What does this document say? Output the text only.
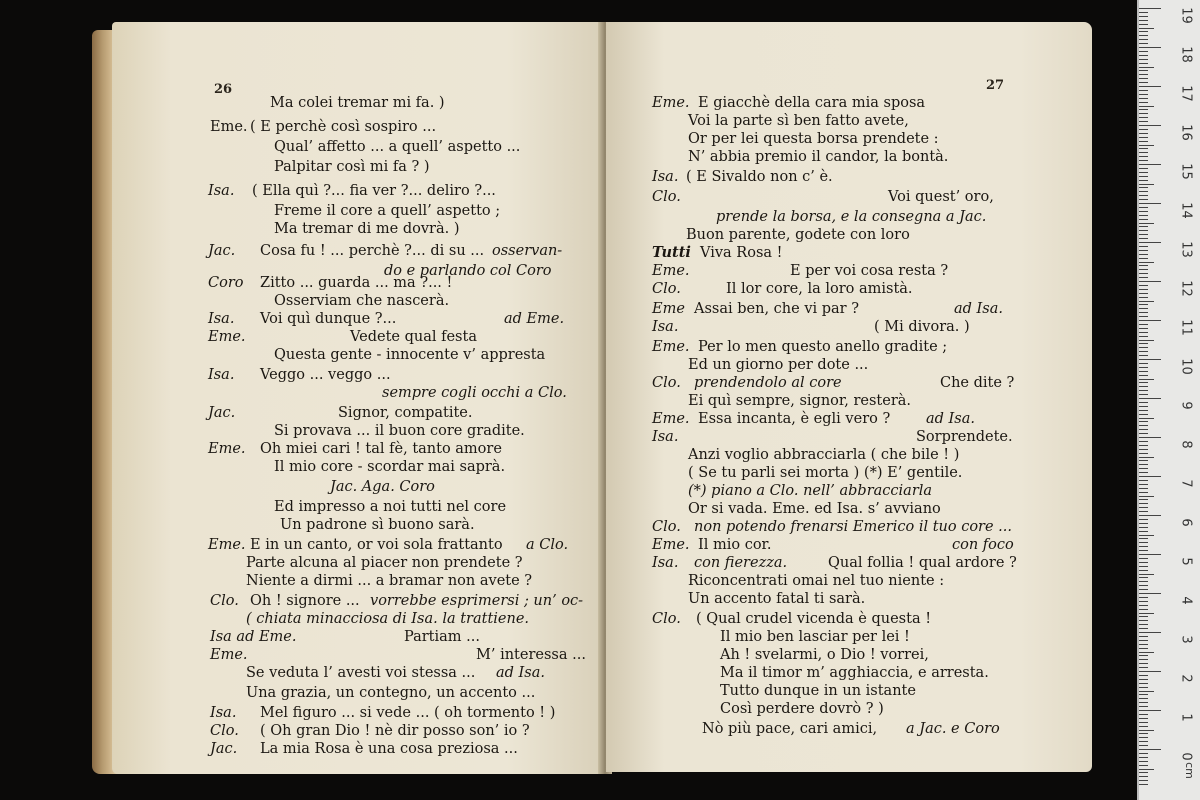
26
Ma colei tremar mi fa. )
Eme. ( E perchè così sospiro ...
Qual’ affetto ... a quell’ aspetto ...
Palpitar così mi fa ? )
Isa. ( Ella quì ?... fia ver ?... deliro ?...
Freme il core a quell’ aspetto ;
Ma tremar di me dovrà. )
Jac. Cosa fu ! ... perchè ?... di su ... osservan-
do e parlando col Coro
Coro Zitto ... guarda ... ma ?... !
Osserviam che nascerà.
Isa. Voi quì dunque ?...	ad Eme.
Eme.	Vedete qual festa
Questa gente - innocente v’ appresta
Isa. Veggo ... veggo ...
sempre cogli occhi a Clo.
Jac.	Signor, compatite.
Si provava ... il buon core gradite.
Eme. Oh miei cari ! tal fè, tanto amore
Il mio core - scordar mai saprà.
Jac. Aga. Coro
Ed impresso a noi tutti nel core
Un padrone sì buono sarà.
Eme. E in un canto, or voi sola frattanto a Clo.
Parte alcuna al piacer non prendete ?
Niente a dirmi ... a bramar non avete ?
Clo. Oh ! signore ... vorrebbe esprimersi ; un’ oc-
( chiata minacciosa di Isa. la trattiene.
Isa ad Eme.	Partiam ...
Eme.	M’ interessa ...
Se veduta l’ avesti voi stessa ... ad Isa.
Una grazia, un contegno, un accento ...
Isa. Mel figuro ... si vede ... ( oh tormento ! )
Clo. ( Oh gran Dio ! nè dir posso son’ io ?
Jac. La mia Rosa è una cosa preziosa ...
27
Eme. E giacchè della cara mia sposa
Voi la parte sì ben fatto avete,
Or per lei questa borsa prendete :
N’ abbia premio il candor, la bontà.
Isa. ( E Sivaldo non c’ è.
Clo.	Voi quest’ oro,
prende la borsa, e la consegna a Jac.
Buon parente, godete con loro
Tutti Viva Rosa !
Eme.	E per voi cosa resta ?
Clo.	Il lor core, la loro amistà.
Eme Assai ben, che vi par ?	ad Isa.
Isa.	( Mi divora. )
Eme. Per lo men questo anello gradite ;
Ed un giorno per dote ...
Clo. prendendolo al core	Che dite ?
Ei quì sempre, signor, resterà.
Eme. Essa incanta, è egli vero ? ad Isa.
Isa.	Sorprendete.
Anzi voglio abbracciarla ( che bile ! )
( Se tu parli sei morta ) (*) E’ gentile.
(*) piano a Clo. nell’ abbracciarla
Or si vada. Eme. ed Isa. s’ avviano
Clo. non potendo frenarsi Emerico il tuo core ...
Eme. Il mio cor.	con foco
Isa. con fierezza.	Qual follia ! qual ardore ?
Riconcentrati omai nel tuo niente :
Un accento fatal ti sarà.
Clo. ( Qual crudel vicenda è questa !
Il mio ben lasciar per lei !
Ah ! svelarmi, o Dio ! vorrei,
Ma il timor m’ agghiaccia, e arresta.
Tutto dunque in un istante
Così perdere dovrò ? )
Nò più pace, cari amici, a Jac. e Coro
19
18
17
16
15
14
13
12
11
10
9
8
7
6
5
4
3
2
1
0
cm
